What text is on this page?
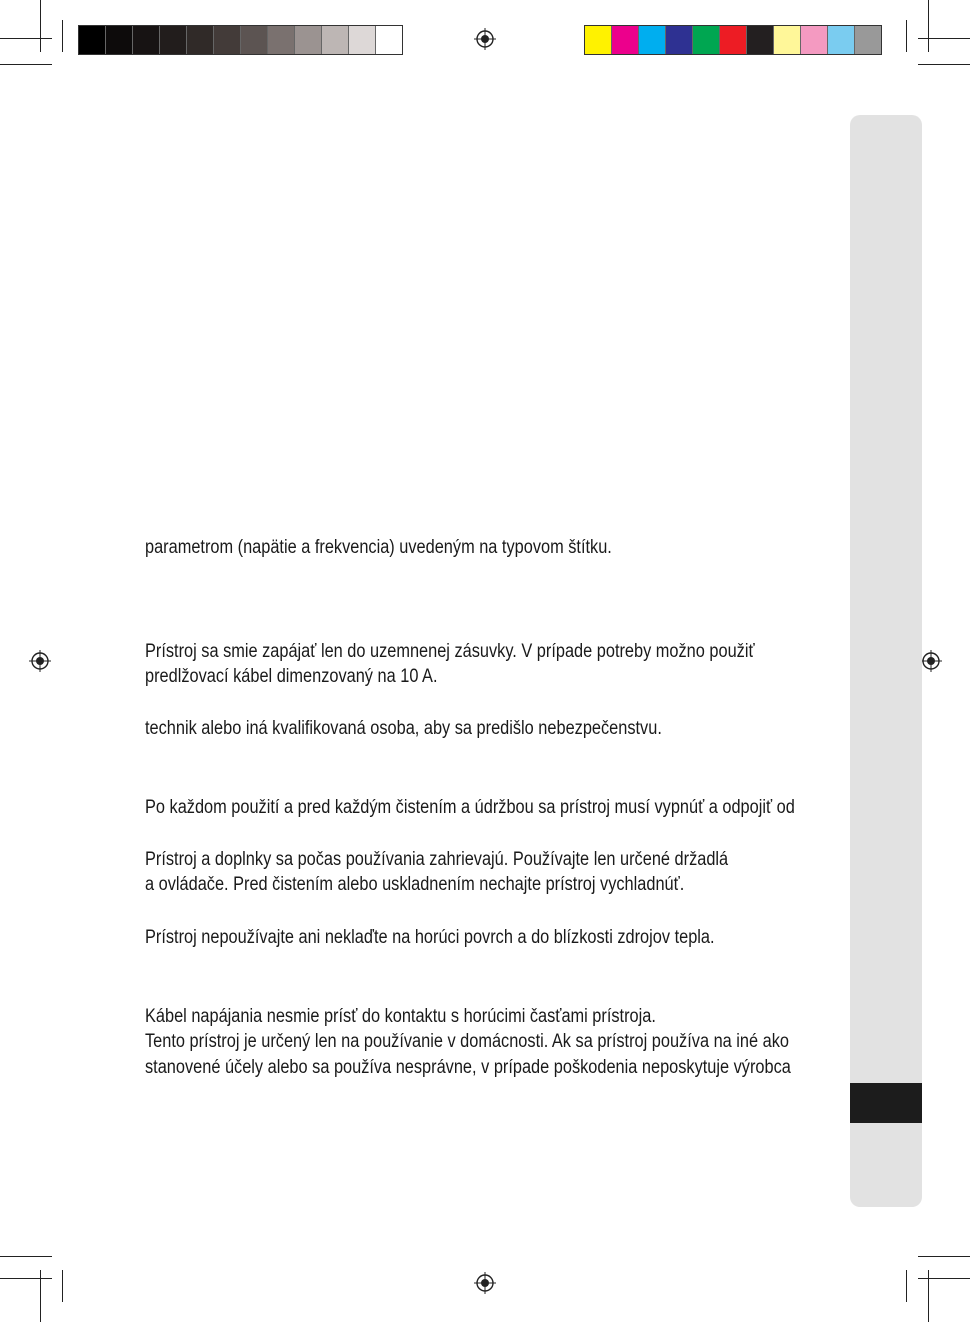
parametrom (napätie a frekvencia) uvedeným na typovom štítku.
Prístroj sa smie zapájať len do uzemnenej zásuvky. V prípade potreby možno použiť
predlžovací kábel dimenzovaný na 10 A.
technik alebo iná kvalifikovaná osoba, aby sa predišlo nebezpečenstvu.
Po každom použití a pred každým čistením a údržbou sa prístroj musí vypnúť a odpojiť od
Prístroj a doplnky sa počas používania zahrievajú. Používajte len určené držadlá
a ovládače. Pred čistením alebo uskladnením nechajte prístroj vychladnúť.
Prístroj nepoužívajte ani neklaďte na horúci povrch a do blízkosti zdrojov tepla.
Kábel napájania nesmie prísť do kontaktu s horúcimi časťami prístroja.
Tento prístroj je určený len na používanie v domácnosti. Ak sa prístroj používa na iné ako
stanovené účely alebo sa používa nesprávne, v prípade poškodenia neposkytuje výrobca
